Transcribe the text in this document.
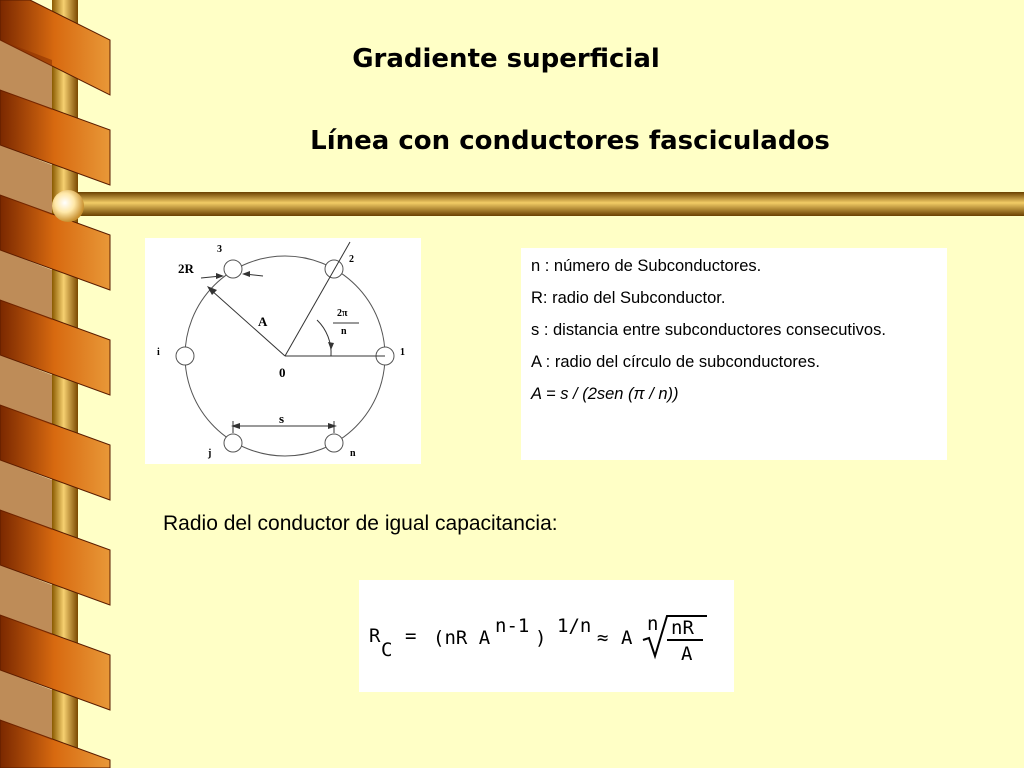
Gradiente superficial
Línea con conductores fasciculados
3
2
i	1
j	n
2R
A
0
s
2π
n

n : número de Subconductores.

R: radio del Subconductor.

s : distancia entre subconductores consecutivos.

A : radio del círculo de subconductores.

A = s / (2sen (π / n))

Radio del conductor de igual capacitancia:
R
C
= (nR A
n-1
)
1/n
≈ A
n nR
A
